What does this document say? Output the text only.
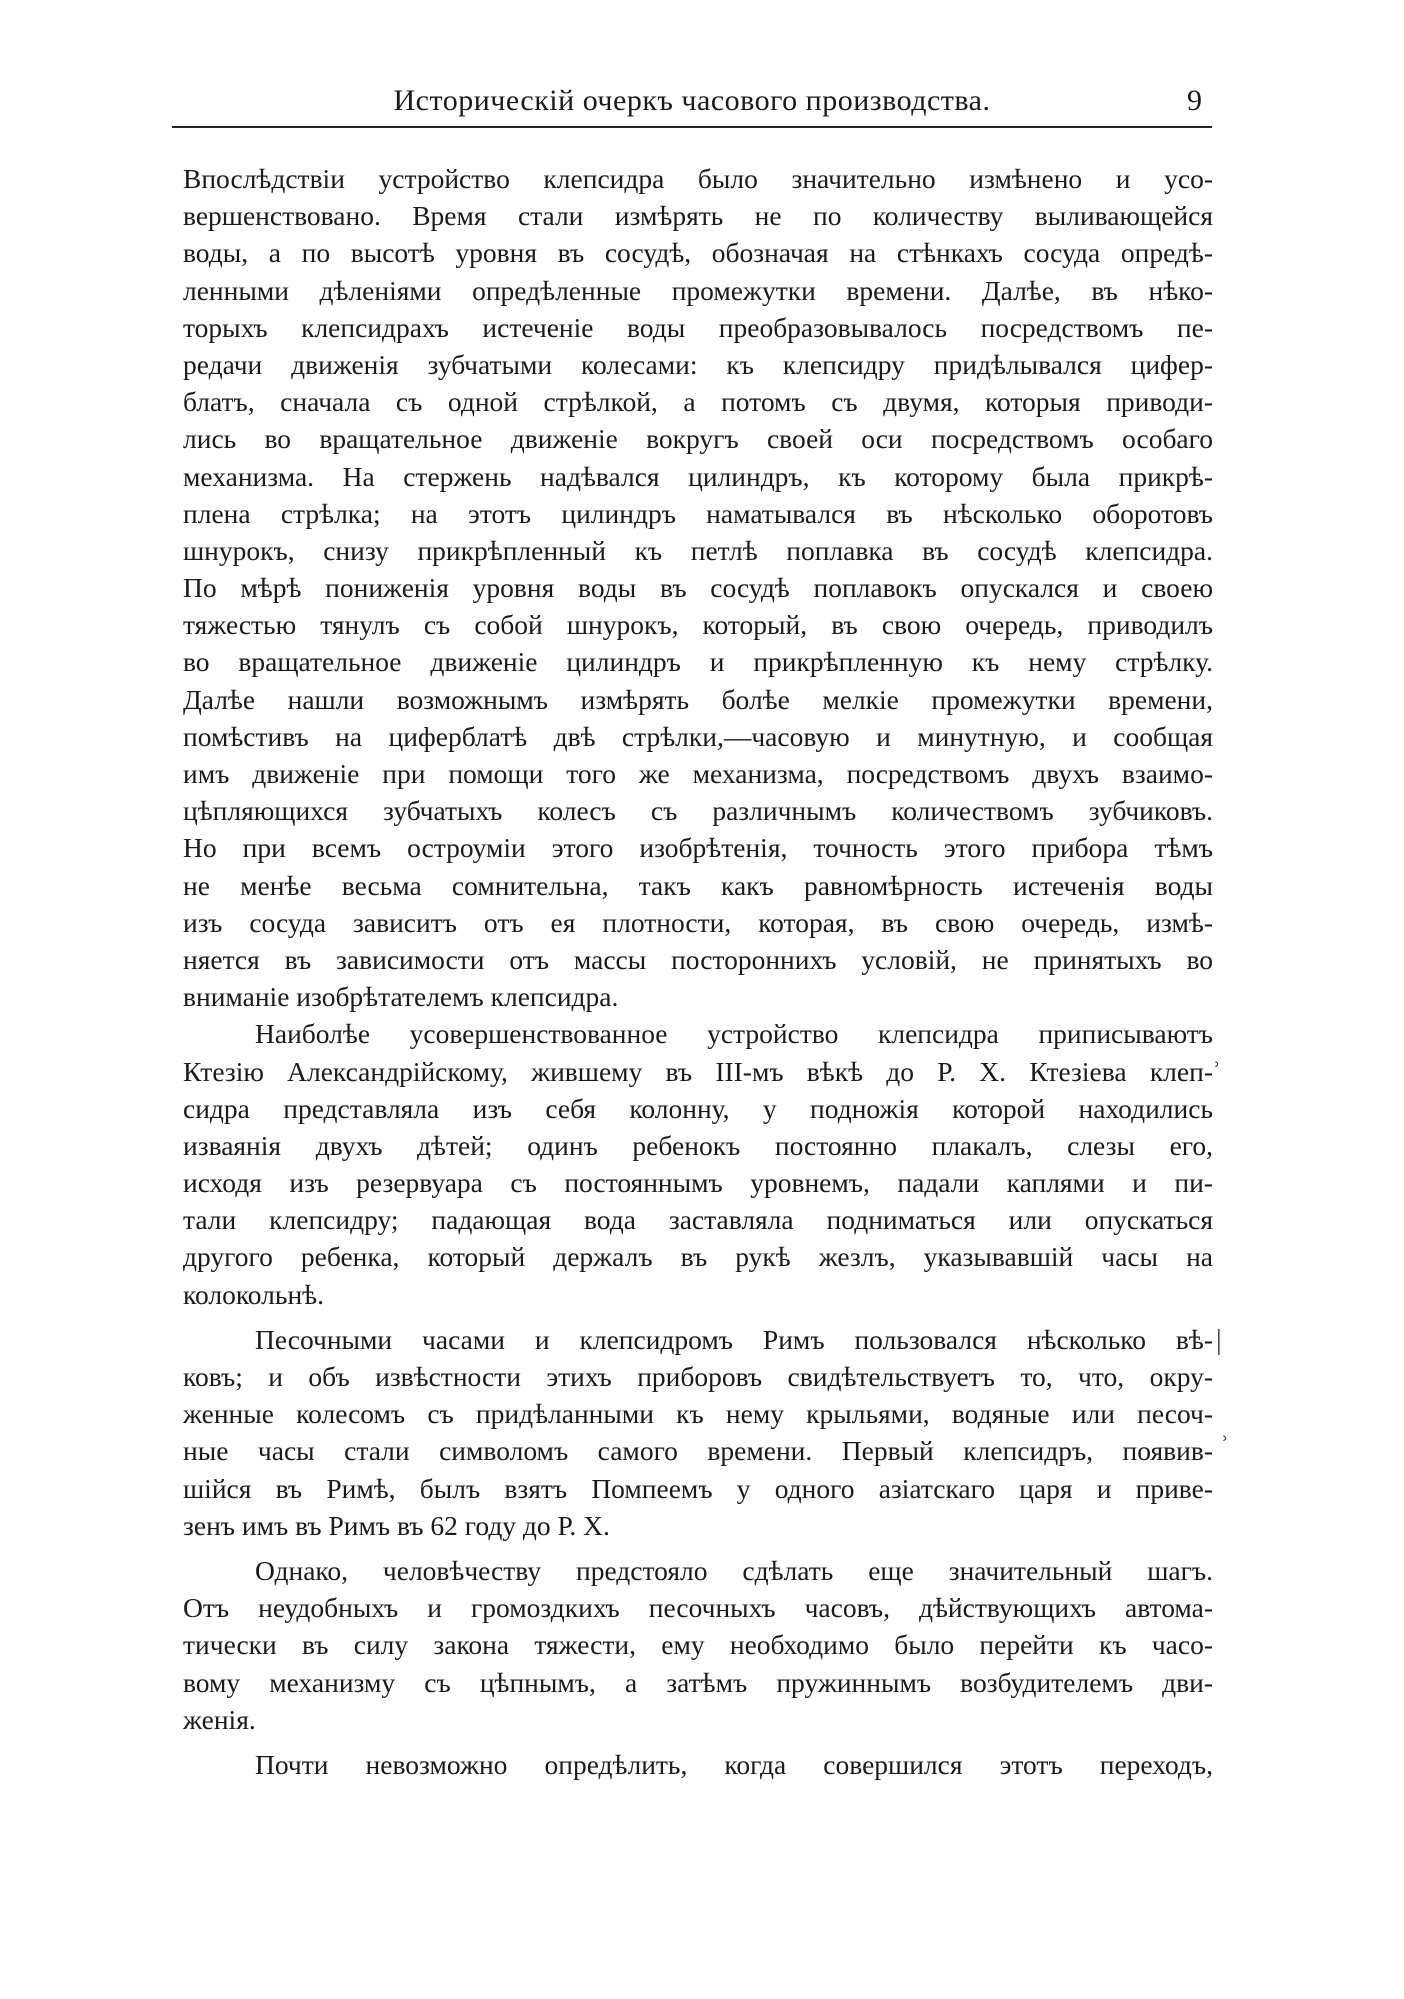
Историческій очеркъ часового производства.	9
Впослѣдствіи устройство клепсидра было значительно измѣнено и усо-
вершенствовано. Время стали измѣрять не по количеству выливающейся
воды, а по высотѣ уровня въ сосудѣ, обозначая на стѣнкахъ сосуда опредѣ-
ленными дѣленіями опредѣленные промежутки времени. Далѣе, въ нѣко-
торыхъ клепсидрахъ истеченіе воды преобразовывалось посредствомъ пе-
редачи движенія зубчатыми колесами: къ клепсидру придѣлывался цифер-
блатъ, сначала съ одной стрѣлкой, а потомъ съ двумя, которыя приводи-
лись во вращательное движеніе вокругъ своей оси посредствомъ особаго
механизма. На стержень надѣвался цилиндръ, къ которому была прикрѣ-
плена стрѣлка; на этотъ цилиндръ наматывался въ нѣсколько оборотовъ
шнурокъ, снизу прикрѣпленный къ петлѣ поплавка въ сосудѣ клепсидра.
По мѣрѣ пониженія уровня воды въ сосудѣ поплавокъ опускался и своею
тяжестью тянулъ съ собой шнурокъ, который, въ свою очередь, приводилъ
во вращательное движеніе цилиндръ и прикрѣпленную къ нему стрѣлку.
Далѣе нашли возможнымъ измѣрять болѣе мелкіе промежутки времени,
помѣстивъ на циферблатѣ двѣ стрѣлки,—часовую и минутную, и сообщая
имъ движеніе при помощи того же механизма, посредствомъ двухъ взаимо-
цѣпляющихся зубчатыхъ колесъ съ различнымъ количествомъ зубчиковъ.
Но при всемъ остроуміи этого изобрѣтенія, точность этого прибора тѣмъ
не менѣе весьма сомнительна, такъ какъ равномѣрность истеченія воды
изъ сосуда зависитъ отъ ея плотности, которая, въ свою очередь, измѣ-
няется въ зависимости отъ массы постороннихъ условій, не принятыхъ во
вниманіе изобрѣтателемъ клепсидра.
Наиболѣе усовершенствованное устройство клепсидра приписываютъ
Ктезію Александрійскому, жившему въ III-мъ вѣкѣ до Р. Х. Ктезіева клеп-
сидра представляла изъ себя колонну, у подножія которой находились
изваянія двухъ дѣтей; одинъ ребенокъ постоянно плакалъ, слезы его,
исходя изъ резервуара съ постояннымъ уровнемъ, падали каплями и пи-
тали клепсидру; падающая вода заставляла подниматься или опускаться
другого ребенка, который держалъ въ рукѣ жезлъ, указывавшій часы на
колокольнѣ.
Песочными часами и клепсидромъ Римъ пользовался нѣсколько вѣ-
ковъ; и объ извѣстности этихъ приборовъ свидѣтельствуетъ то, что, окру-
женные колесомъ съ придѣланными къ нему крыльями, водяные или песоч-
ные часы стали символомъ самого времени. Первый клепсидръ, появив-
шійся въ Римѣ, былъ взятъ Помпеемъ у одного азіатскаго царя и приве-
зенъ имъ въ Римъ въ 62 году до Р. Х.
Однако, человѣчеству предстояло сдѣлать еще значительный шагъ.
Отъ неудобныхъ и громоздкихъ песочныхъ часовъ, дѣйствующихъ автома-
тически въ силу закона тяжести, ему необходимо было перейти къ часо-
вому механизму съ цѣпнымъ, а затѣмъ пружиннымъ возбудителемъ дви-
женія.
Почти невозможно опредѣлить, когда совершился этотъ переходъ,
ʾ
|
˒
